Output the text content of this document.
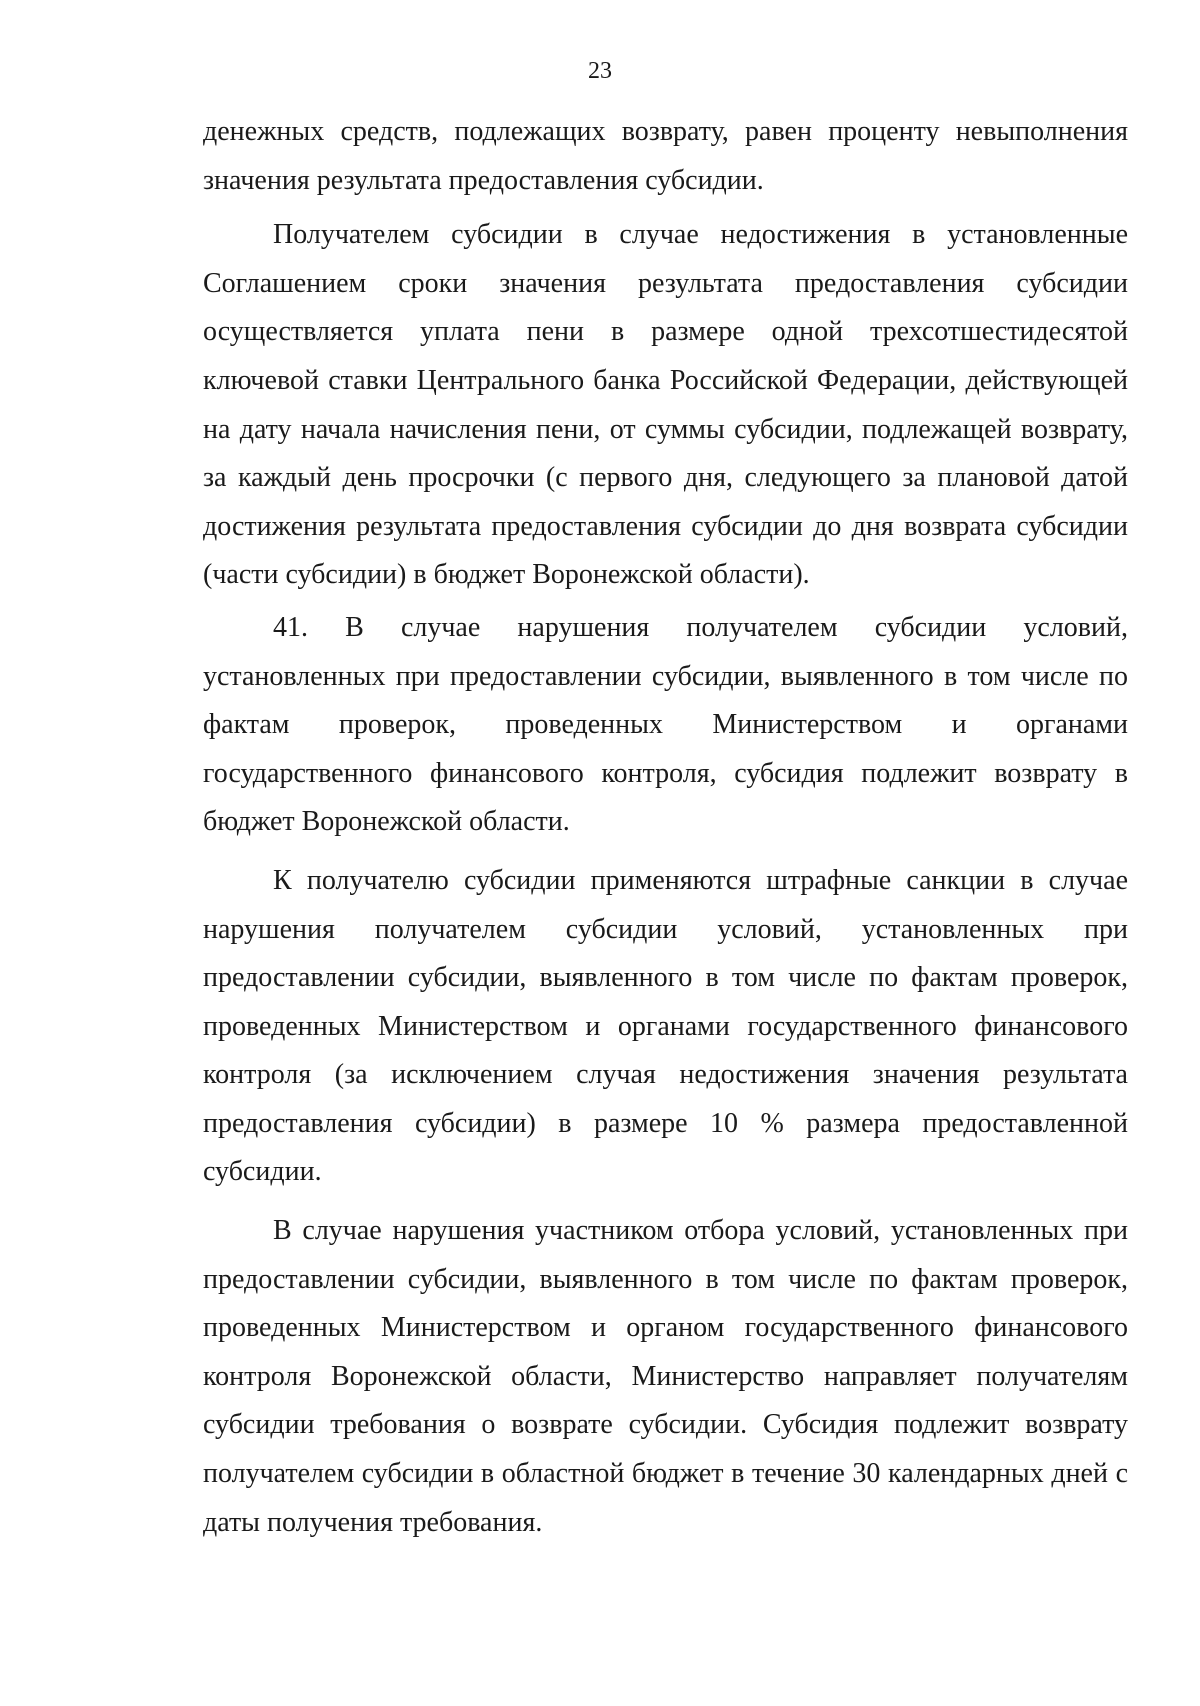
23

денежных средств, подлежащих возврату, равен проценту невыполнения значения результата предоставления субсидии.

Получателем субсидии в случае недостижения в установленные Соглашением сроки значения результата предоставления субсидии осуществляется уплата пени в размере одной трехсотшестидесятой ключевой ставки Центрального банка Российской Федерации, действующей на дату начала начисления пени, от суммы субсидии, подлежащей возврату, за каждый день просрочки (с первого дня, следующего за плановой датой достижения результата предоставления субсидии до дня возврата субсидии (части субсидии) в бюджет Воронежской области).

41. В случае нарушения получателем субсидии условий, установленных при предоставлении субсидии, выявленного в том числе по фактам проверок, проведенных Министерством и органами государственного финансового контроля, субсидия подлежит возврату в бюджет Воронежской области.

К получателю субсидии применяются штрафные санкции в случае нарушения получателем субсидии условий, установленных при предоставлении субсидии, выявленного в том числе по фактам проверок, проведенных Министерством и органами государственного финансового контроля (за исключением случая недостижения значения результата предоставления субсидии) в размере 10 % размера предоставленной субсидии.

В случае нарушения участником отбора условий, установленных при предоставлении субсидии, выявленного в том числе по фактам проверок, проведенных Министерством и органом государственного финансового контроля Воронежской области, Министерство направляет получателям субсидии требования о возврате субсидии. Субсидия подлежит возврату получателем субсидии в областной бюджет в течение 30 календарных дней с даты получения требования.
